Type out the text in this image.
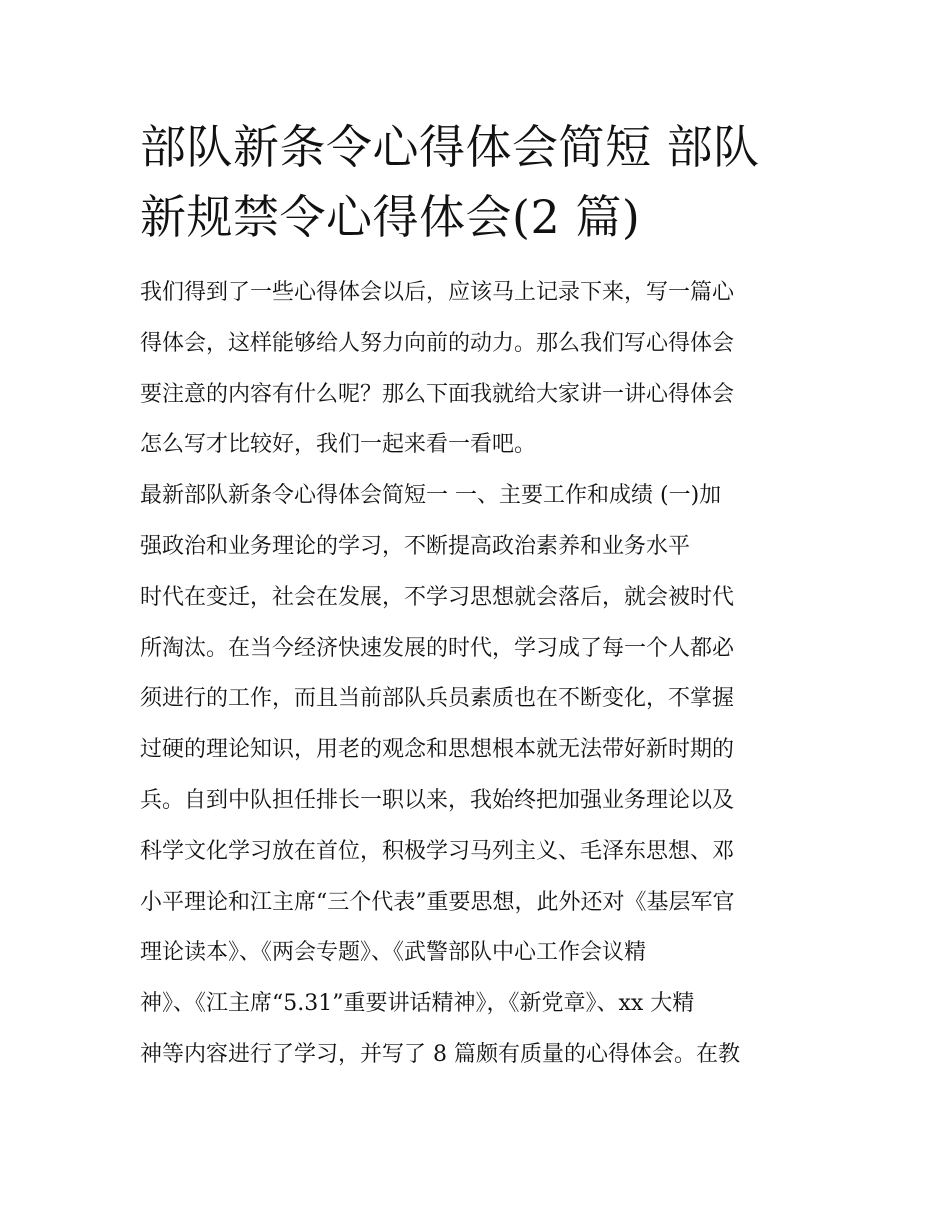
部队新条令心得体会简短 部队
新规禁令心得体会(2 篇)
我们得到了一些心得体会以后，应该马上记录下来，写一篇心
得体会，这样能够给人努力向前的动力。那么我们写心得体会
要注意的内容有什么呢？那么下面我就给大家讲一讲心得体会
怎么写才比较好，我们一起来看一看吧。
最新部队新条令心得体会简短一 一、主要工作和成绩 (一)加
强政治和业务理论的学习，不断提高政治素养和业务水平
时代在变迁，社会在发展，不学习思想就会落后，就会被时代
所淘汰。在当今经济快速发展的时代，学习成了每一个人都必
须进行的工作，而且当前部队兵员素质也在不断变化，不掌握
过硬的理论知识，用老的观念和思想根本就无法带好新时期的
兵。自到中队担任排长一职以来，我始终把加强业务理论以及
科学文化学习放在首位，积极学习马列主义、毛泽东思想、邓
小平理论和江主席“三个代表”重要思想，此外还对《基层军官
理论读本》、《两会专题》、《武警部队中心工作会议精
神》、《江主席“5.31”重要讲话精神》，《新党章》、xx 大精
神等内容进行了学习，并写了 8 篇颇有质量的心得体会。在教
